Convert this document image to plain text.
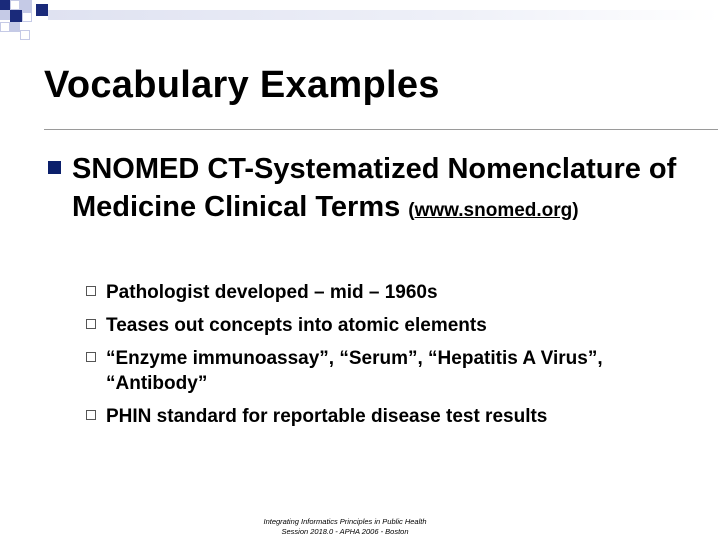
Vocabulary Examples
SNOMED CT-Systematized Nomenclature of Medicine Clinical Terms (www.snomed.org)
Pathologist developed – mid – 1960s
Teases out concepts into atomic elements
“Enzyme immunoassay”, “Serum”, “Hepatitis A Virus”, “Antibody”
PHIN standard for reportable disease test results
Integrating Informatics Principles in Public Health
Session 2018.0 - APHA 2006 - Boston
